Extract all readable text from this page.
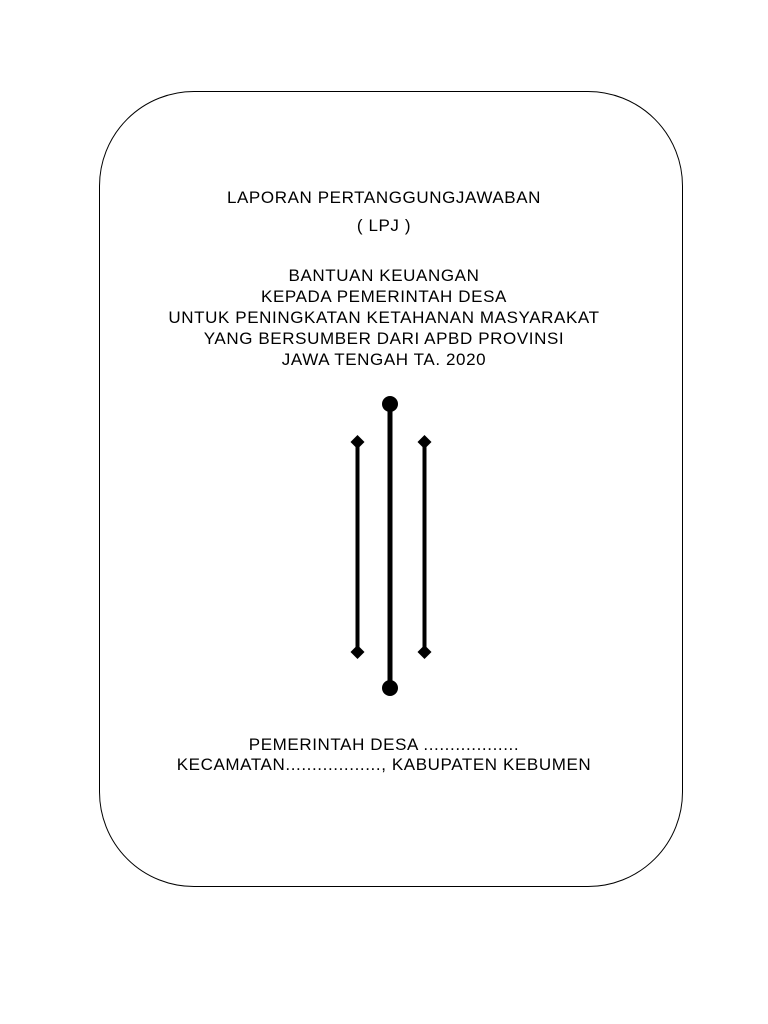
LAPORAN PERTANGGUNGJAWABAN
( LPJ )
BANTUAN KEUANGAN
KEPADA PEMERINTAH DESA
UNTUK PENINGKATAN KETAHANAN MASYARAKAT
YANG BERSUMBER DARI APBD PROVINSI
JAWA TENGAH TA. 2020
PEMERINTAH DESA ..................
KECAMATAN.................., KABUPATEN KEBUMEN
